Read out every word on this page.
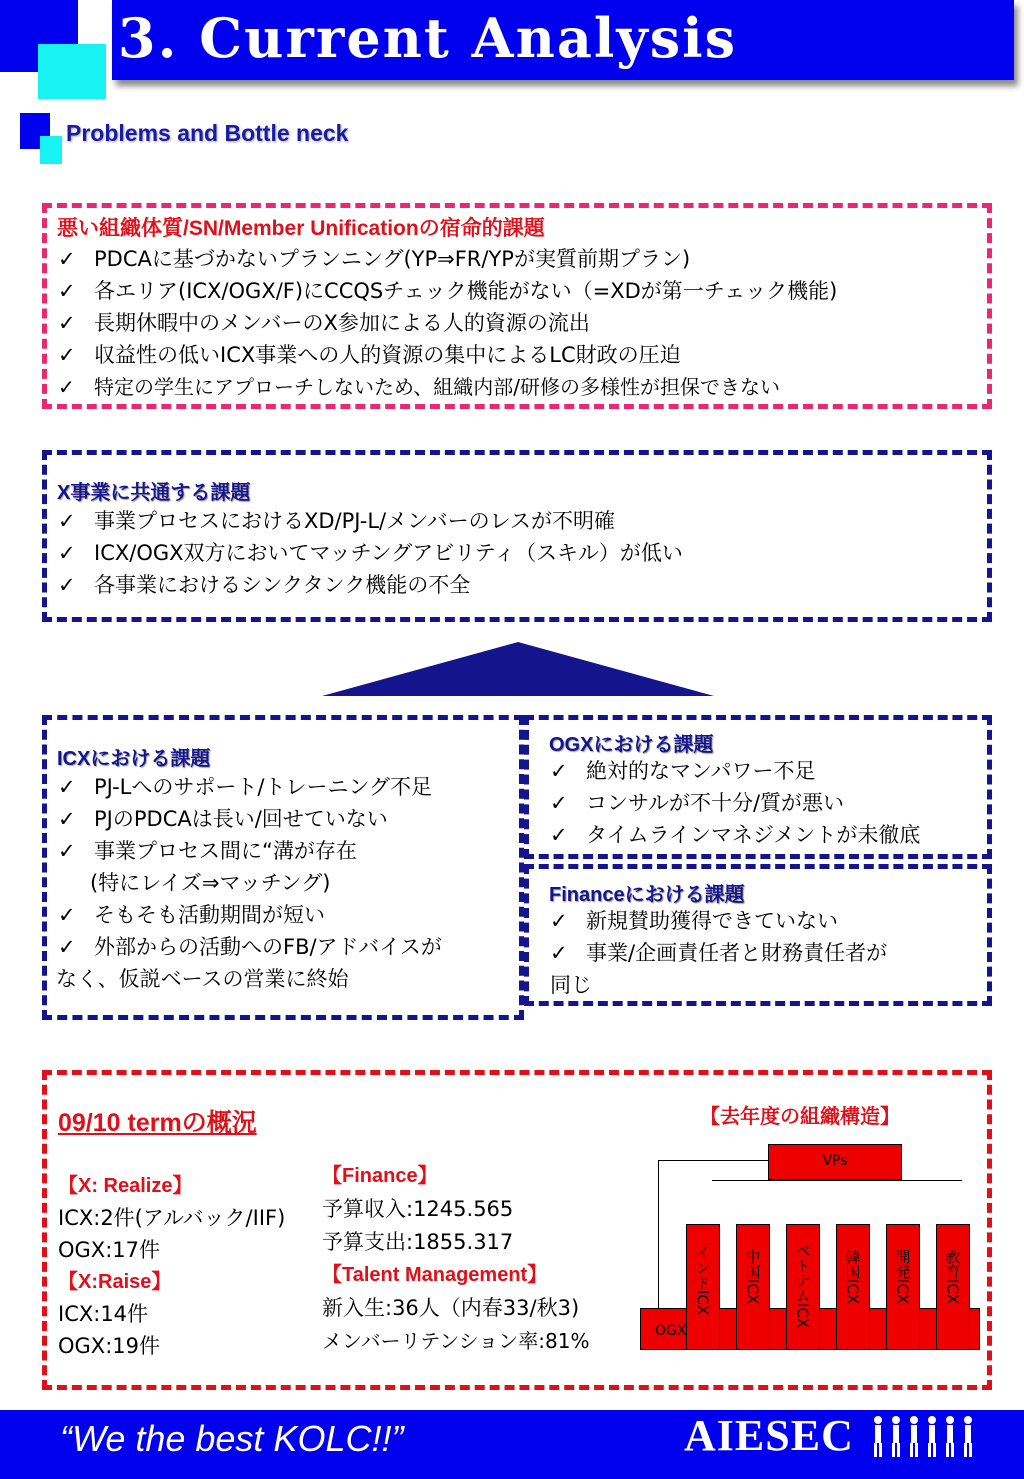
3. Current Analysis
Problems and Bottle neck
悪い組織体質/SN/Member Unificationの宿命的課題
✓ PDCAに基づかないプランニング(YP⇒FR/YPが実質前期プラン)
✓ 各エリア(ICX/OGX/F)にCCQSチェック機能がない（=XDが第一チェック機能)
✓ 長期休暇中のメンバーのX参加による人的資源の流出
✓ 収益性の低いICX事業への人的資源の集中によるLC財政の圧迫
✓ 特定の学生にアプローチしないため、組織内部/研修の多様性が担保できない
X事業に共通する課題
✓ 事業プロセスにおけるXD/PJ-L/メンバーのレスが不明確
✓ ICX/OGX双方においてマッチングアビリティ（スキル）が低い
✓ 各事業におけるシンクタンク機能の不全
ICXにおける課題
✓ PJ-Lへのサポート/トレーニング不足
✓ PJのPDCAは長い/回せていない
✓ 事業プロセス間に“溝が存在
(特にレイズ⇒マッチング)
✓ そもそも活動期間が短い
✓ 外部からの活動へのFB/アドバイスが
なく、仮説ベースの営業に終始
OGXにおける課題
✓ 絶対的なマンパワー不足
✓ コンサルが不十分/質が悪い
✓ タイムラインマネジメントが未徹底
Financeにおける課題
✓ 新規賛助獲得できていない
✓ 事業/企画責任者と財務責任者が
同じ
09/10 termの概況
【X: Realize】
ICX:2件(アルバック/IIF)
OGX:17件
【X:Raise】
ICX:14件
OGX:19件
【Finance】
予算収入:1245.565
予算支出:1855.317
【Talent Management】
新入生:36人（内春33/秋3)
メンバーリテンション率:81%
【去年度の組織構造】
VPs
OGX
インドICX 中国ICX ベトナムICX 韓国ICX 開発ICX 教育ICX
“We the best KOLC!!”	AIESEC
